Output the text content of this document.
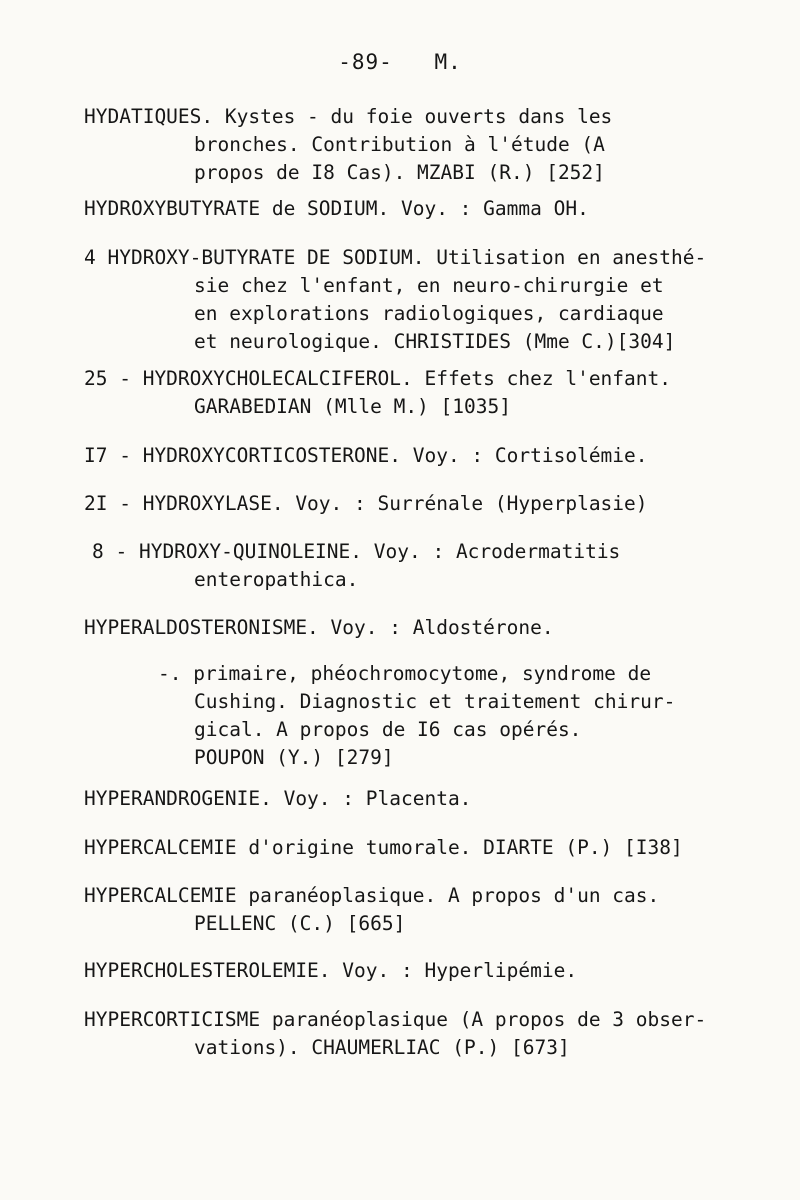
-89- M.
HYDATIQUES. Kystes - du foie ouverts dans les
bronches. Contribution à l'étude (A
propos de I8 Cas). MZABI (R.) [252]
HYDROXYBUTYRATE de SODIUM. Voy. : Gamma OH.
4 HYDROXY-BUTYRATE DE SODIUM. Utilisation en anesthé-
sie chez l'enfant, en neuro-chirurgie et
en explorations radiologiques, cardiaque
et neurologique. CHRISTIDES (Mme C.)[304]
25 - HYDROXYCHOLECALCIFEROL. Effets chez l'enfant.
GARABEDIAN (Mlle M.) [1035]
I7 - HYDROXYCORTICOSTERONE. Voy. : Cortisolémie.
2I - HYDROXYLASE. Voy. : Surrénale (Hyperplasie)
8 - HYDROXY-QUINOLEINE. Voy. : Acrodermatitis
enteropathica.
HYPERALDOSTERONISME. Voy. : Aldostérone.
-. primaire, phéochromocytome, syndrome de
Cushing. Diagnostic et traitement chirur-
gical. A propos de I6 cas opérés.
POUPON (Y.) [279]
HYPERANDROGENIE. Voy. : Placenta.
HYPERCALCEMIE d'origine tumorale. DIARTE (P.) [I38]
HYPERCALCEMIE paranéoplasique. A propos d'un cas.
PELLENC (C.) [665]
HYPERCHOLESTEROLEMIE. Voy. : Hyperlipémie.
HYPERCORTICISME paranéoplasique (A propos de 3 obser-
vations). CHAUMERLIAC (P.) [673]
